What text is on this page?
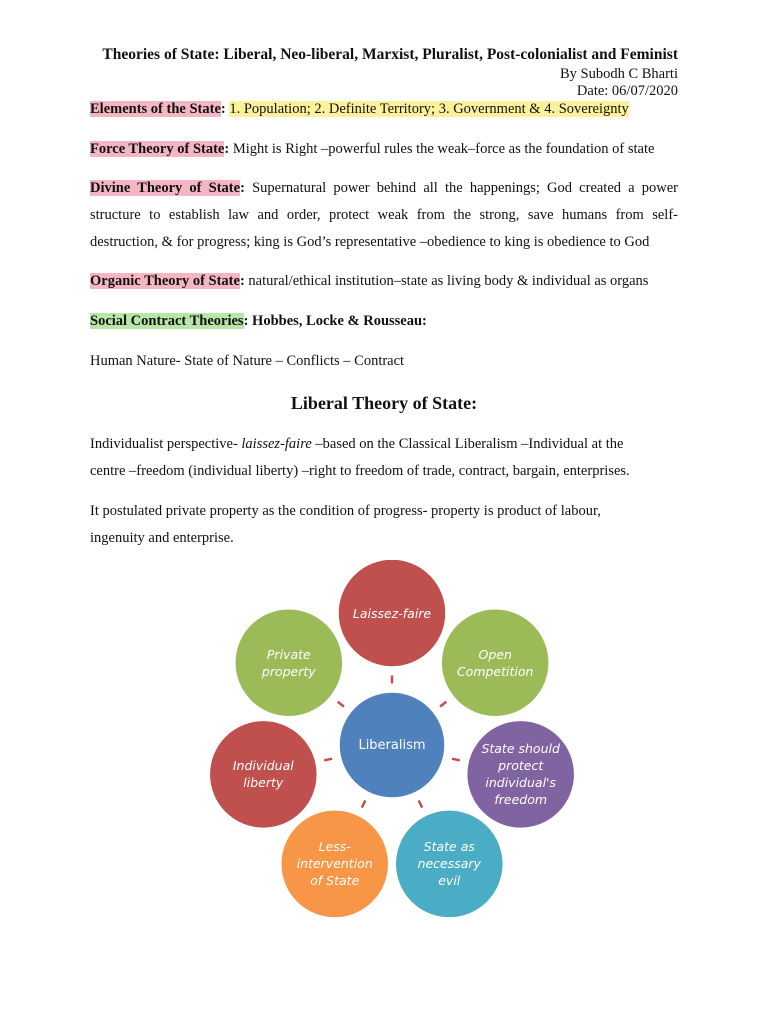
Theories of State: Liberal, Neo-liberal, Marxist, Pluralist, Post-colonialist and Feminist
By Subodh C Bharti
Date: 06/07/2020
Elements of the State: 1. Population; 2. Definite Territory; 3. Government & 4. Sovereignty
Force Theory of State: Might is Right –powerful rules the weak–force as the foundation of state
Divine Theory of State: Supernatural power behind all the happenings; God created a power structure to establish law and order, protect weak from the strong, save humans from self-destruction, & for progress; king is God’s representative –obedience to king is obedience to God
Organic Theory of State: natural/ethical institution–state as living body & individual as organs
Social Contract Theories: Hobbes, Locke & Rousseau:
Human Nature- State of Nature – Conflicts – Contract
Liberal Theory of State:
Individualist perspective- laissez-faire –based on the Classical Liberalism –Individual at the centre –freedom (individual liberty) –right to freedom of trade, contract, bargain, enterprises.
It postulated private property as the condition of progress- property is product of labour, ingenuity and enterprise.
Laissez-faire
Open Competition
State should protect individual's freedom
State as necessary evil
Less-intervention of State
Individual liberty
Private property
Liberalism
